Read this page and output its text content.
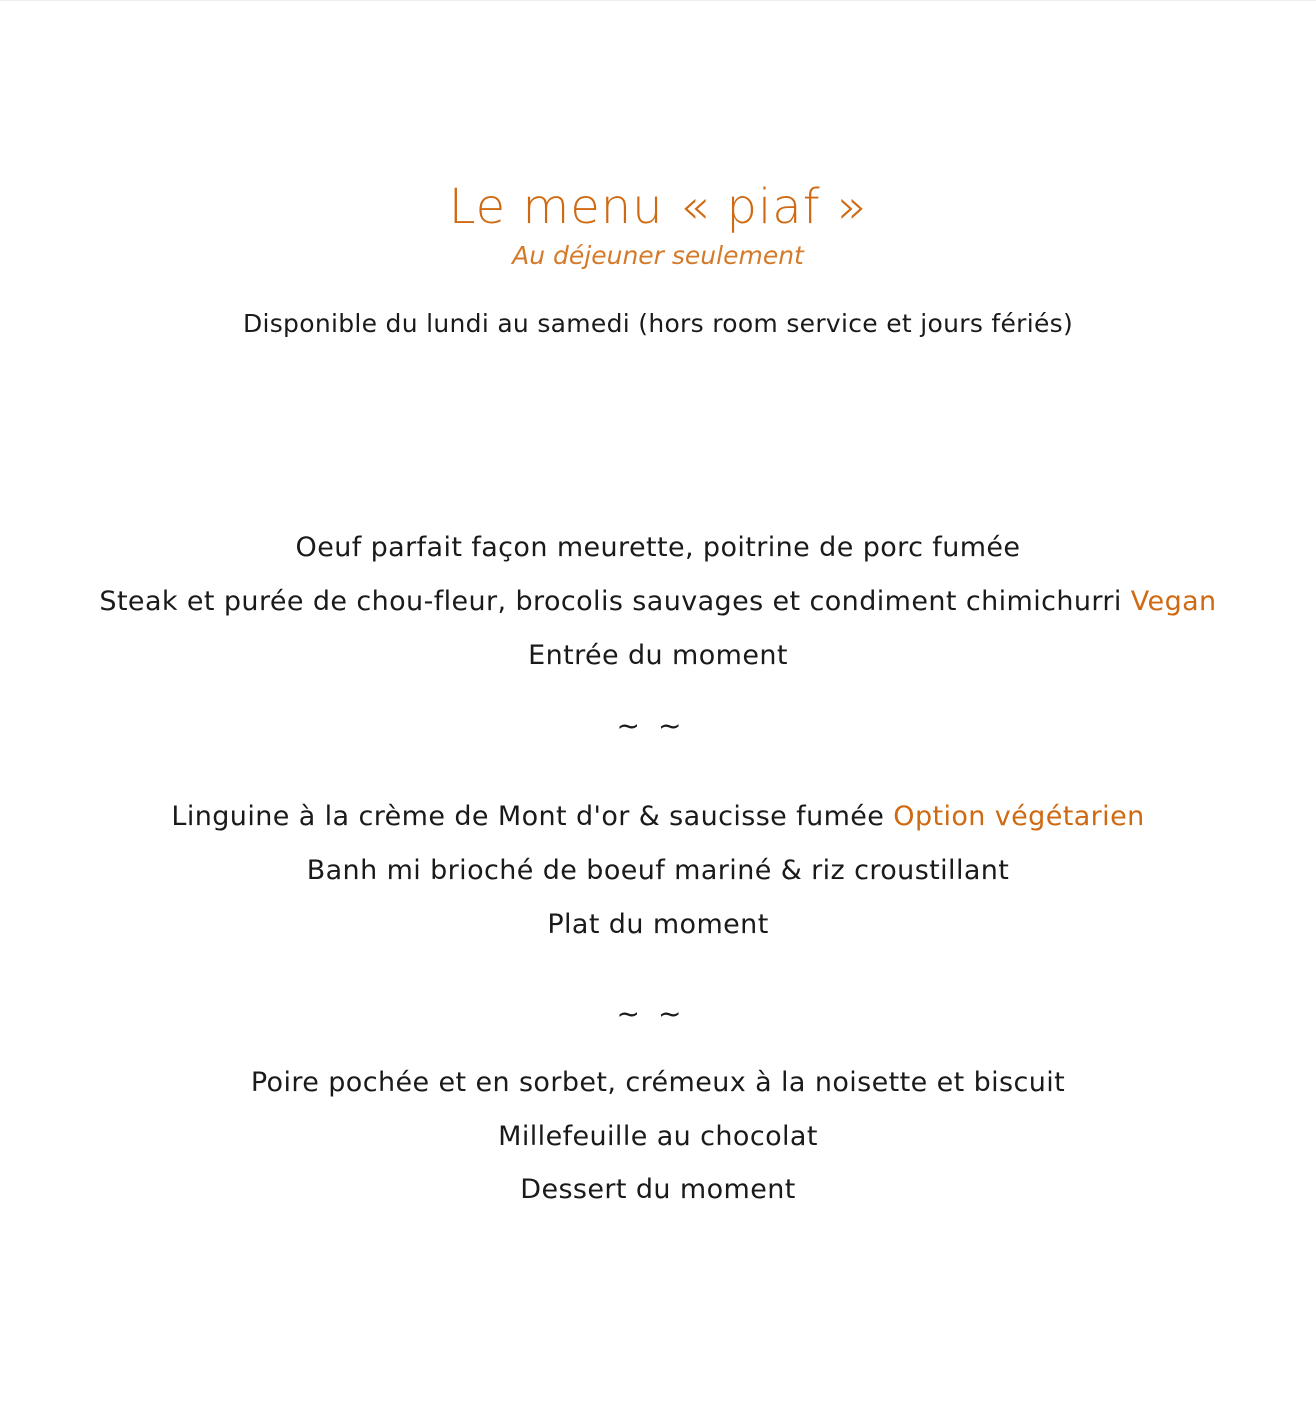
Le menu « piaf »
Au déjeuner seulement
Disponible du lundi au samedi (hors room service et jours fériés)
Oeuf parfait façon meurette, poitrine de porc fumée
Steak et purée de chou-fleur, brocolis sauvages et condiment chimichurri Vegan
Entrée du moment
~~
Linguine à la crème de Mont d'or & saucisse fumée Option végétarien
Banh mi brioché de boeuf mariné & riz croustillant
Plat du moment
~~
Poire pochée et en sorbet, crémeux à la noisette et biscuit
Millefeuille au chocolat
Dessert du moment
